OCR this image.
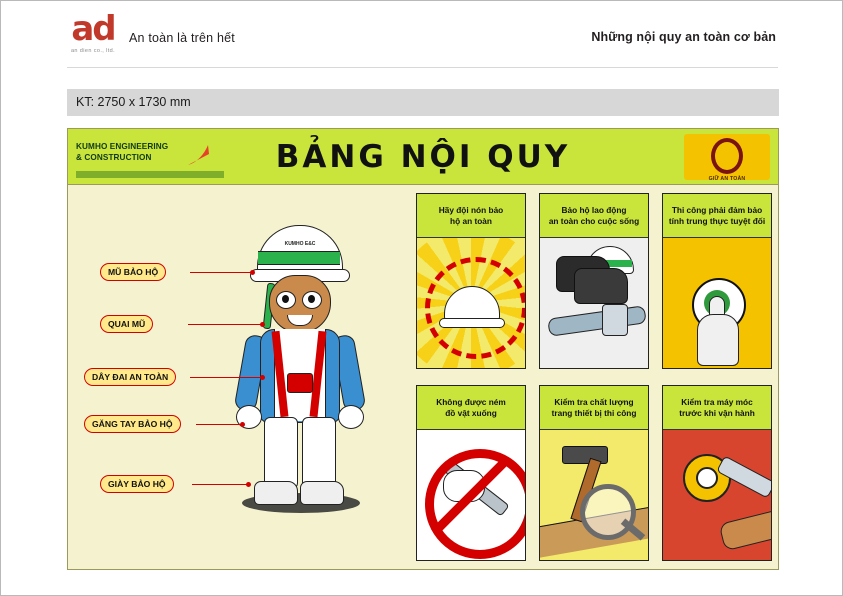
ad
an dien co., ltd.
An toàn là trên hết	Những nội quy an toàn cơ bản
KT: 2750 x 1730 mm
KUMHO ENGINEERING
& CONSTRUCTION	BẢNG NỘI QUY
GIỮ AN TOÀN
KUMHO E&C
MŨ BẢO HỘ
QUAI MŨ
DÂY ĐAI AN TOÀN
GĂNG TAY BẢO HỘ
GIÀY BẢO HỘ
Hãy đội nón bảo
hộ an toàn
Bảo hộ lao động
an toàn cho cuộc sống
Thi công phải đảm bảo
tính trung thực tuyệt đối
Không được ném
đồ vật xuống
Kiểm tra chất lượng
trang thiết bị thi công
Kiểm tra máy móc
trước khi vận hành
